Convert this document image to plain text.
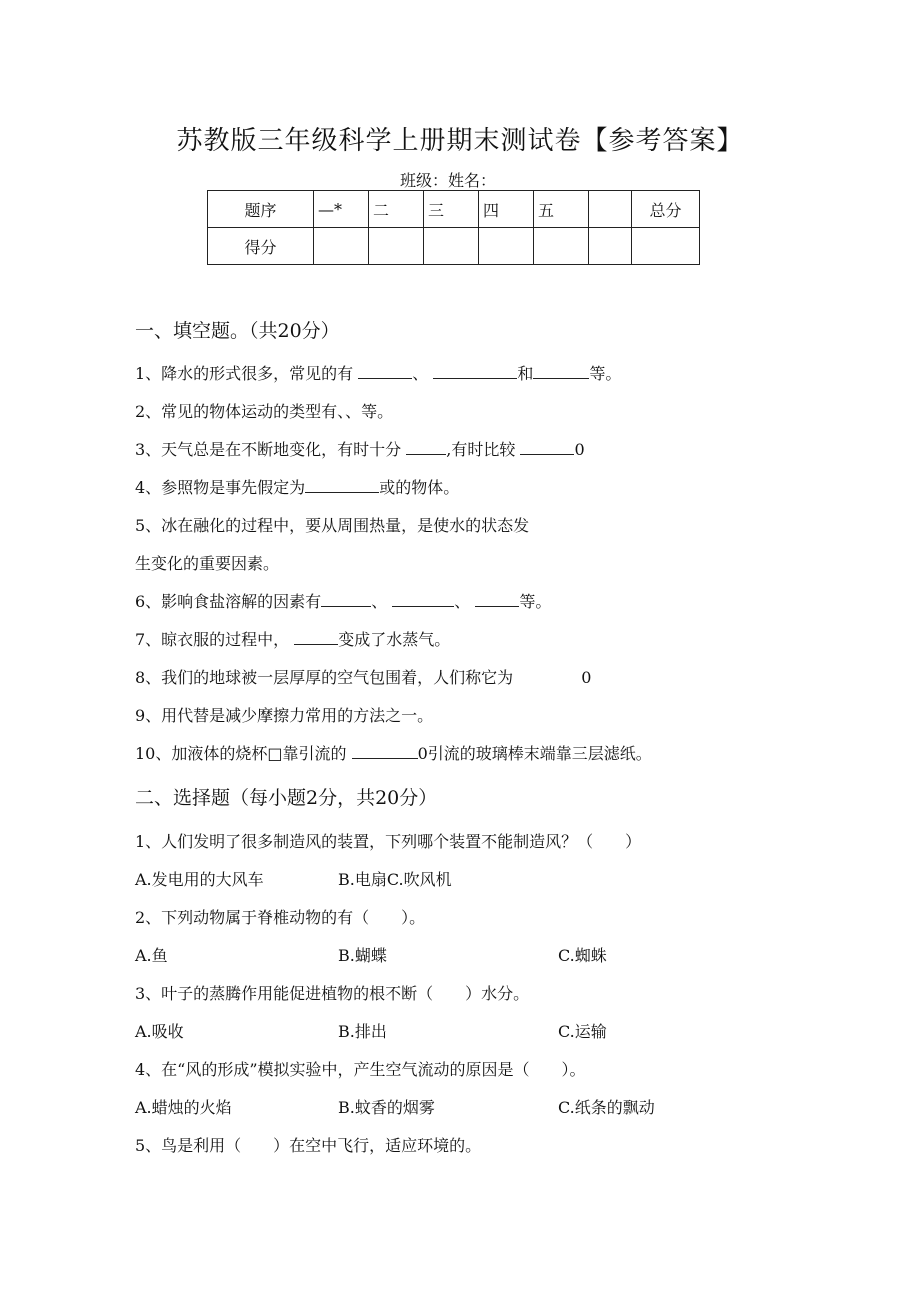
苏教版三年级科学上册期末测试卷【参考答案】
班级：姓名：
题序	—*	二	三	四	五		总分
得分							
一、填空题。（共20分）
1、降水的形式很多，常见的有	、	和	等。
2、常见的物体运动的类型有、、等。
3、天气总是在不断地变化，有时十分	,有时比较	0
4、参照物是事先假定为	或的物体。
5、冰在融化的过程中，要从周围热量，是使水的状态发
生变化的重要因素。
6、影响食盐溶解的因素有	、	、	等。
7、晾衣服的过程中，	变成了水蒸气。
8、我们的地球被一层厚厚的空气包围着，人们称它为	0
9、用代替是减少摩擦力常用的方法之一。
10、加液体的烧杯□靠引流的	0引流的玻璃棒末端靠三层滤纸。
二、选择题（每小题2分，共20分）
1、人们发明了很多制造风的装置，下列哪个装置不能制造风？（　　）
A.发电用的大风车	B.电扇C.吹风机
2、下列动物属于脊椎动物的有（　　）。
A.鱼	B.蝴蝶	C.蜘蛛
3、叶子的蒸腾作用能促进植物的根不断（　　）水分。
A.吸收	B.排出	C.运输
4、在“风的形成”模拟实验中，产生空气流动的原因是（　　）。
A.蜡烛的火焰	B.蚊香的烟雾	C.纸条的飘动
5、鸟是利用（　　）在空中飞行，适应环境的。
